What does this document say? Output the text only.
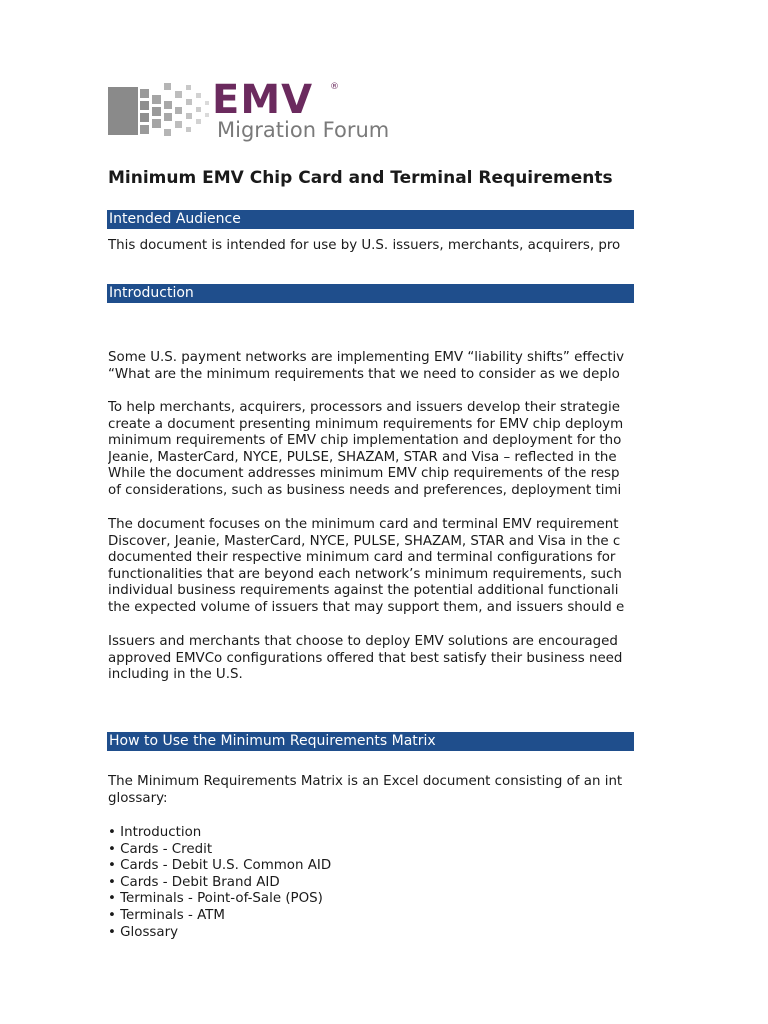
EMV ®
Migration Forum
Minimum EMV Chip Card and Terminal Requirements
Intended Audience
This document is intended for use by U.S. issuers, merchants, acquirers, pro
Introduction
Some U.S. payment networks are implementing EMV “liability shifts” effectiv
“What are the minimum requirements that we need to consider as we deplo
To help merchants, acquirers, processors and issuers develop their strategie
create a document presenting minimum requirements for EMV chip deploym
minimum requirements of EMV chip implementation and deployment for tho
Jeanie, MasterCard, NYCE, PULSE, SHAZAM, STAR and Visa – reflected in the
While the document addresses minimum EMV chip requirements of the resp
of considerations, such as business needs and preferences, deployment timi
The document focuses on the minimum card and terminal EMV requirement
Discover, Jeanie, MasterCard, NYCE, PULSE, SHAZAM, STAR and Visa in the c
documented their respective minimum card and terminal configurations for
functionalities that are beyond each network’s minimum requirements, such
individual business requirements against the potential additional functionali
the expected volume of issuers that may support them, and issuers should e
Issuers and merchants that choose to deploy EMV solutions are encouraged
approved EMVCo configurations offered that best satisfy their business need
including in the U.S.
How to Use the Minimum Requirements Matrix
The Minimum Requirements Matrix is an Excel document consisting of an int
glossary:
• Introduction
• Cards - Credit
• Cards - Debit U.S. Common AID
• Cards - Debit Brand AID
• Terminals - Point-of-Sale (POS)
• Terminals - ATM
• Glossary
